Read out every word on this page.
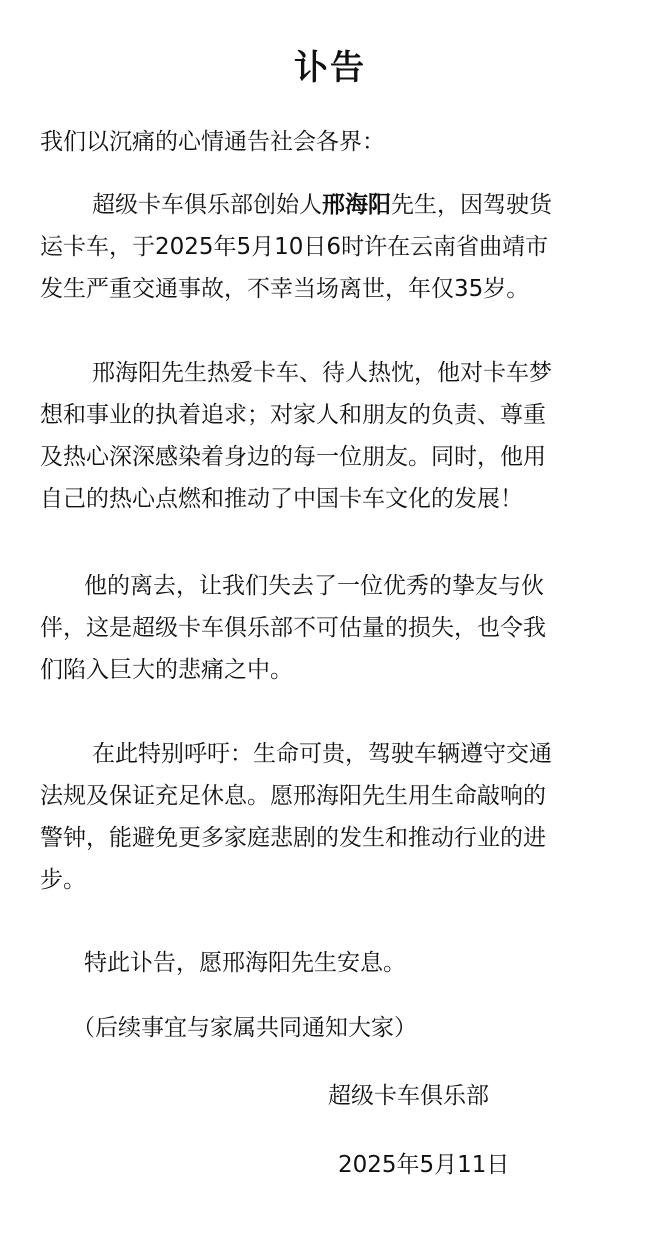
讣告
我们以沉痛的心情通告社会各界：
超级卡车俱乐部创始人邢海阳先生，因驾驶货
运卡车，于2025年5月10日6时许在云南省曲靖市
发生严重交通事故，不幸当场离世，年仅35岁。
邢海阳先生热爱卡车、待人热忱，他对卡车梦
想和事业的执着追求；对家人和朋友的负责、尊重
及热心深深感染着身边的每一位朋友。同时，他用
自己的热心点燃和推动了中国卡车文化的发展！
他的离去，让我们失去了一位优秀的挚友与伙
伴，这是超级卡车俱乐部不可估量的损失，也令我
们陷入巨大的悲痛之中。
在此特别呼吁：生命可贵，驾驶车辆遵守交通
法规及保证充足休息。愿邢海阳先生用生命敲响的
警钟，能避免更多家庭悲剧的发生和推动行业的进
步。
特此讣告，愿邢海阳先生安息。
（后续事宜与家属共同通知大家）
超级卡车俱乐部
2025年5月11日
